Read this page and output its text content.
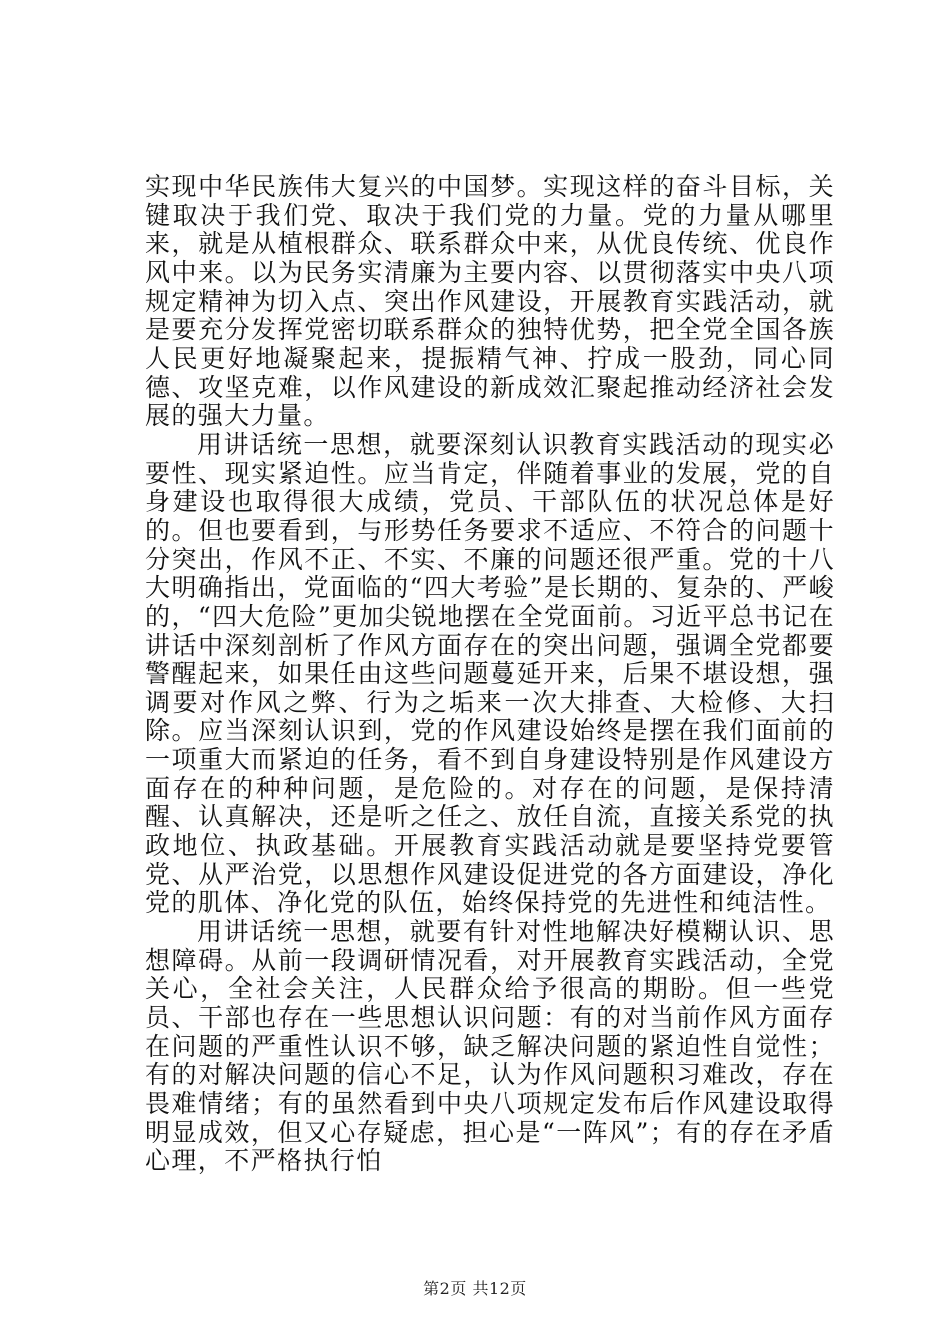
实现中华民族伟大复兴的中国梦。实现这样的奋斗目标，关键取决于我们党、取决于我们党的力量。党的力量从哪里来，就是从植根群众、联系群众中来，从优良传统、优良作风中来。以为民务实清廉为主要内容、以贯彻落实中央八项规定精神为切入点、突出作风建设，开展教育实践活动，就是要充分发挥党密切联系群众的独特优势，把全党全国各族人民更好地凝聚起来，提振精气神、拧成一股劲，同心同德、攻坚克难，以作风建设的新成效汇聚起推动经济社会发展的强大力量。

用讲话统一思想，就要深刻认识教育实践活动的现实必要性、现实紧迫性。应当肯定，伴随着事业的发展，党的自身建设也取得很大成绩，党员、干部队伍的状况总体是好的。但也要看到，与形势任务要求不适应、不符合的问题十分突出，作风不正、不实、不廉的问题还很严重。党的十八大明确指出，党面临的“四大考验”是长期的、复杂的、严峻的，“四大危险”更加尖锐地摆在全党面前。习近平总书记在讲话中深刻剖析了作风方面存在的突出问题，强调全党都要警醒起来，如果任由这些问题蔓延开来，后果不堪设想，强调要对作风之弊、行为之垢来一次大排查、大检修、大扫除。应当深刻认识到，党的作风建设始终是摆在我们面前的一项重大而紧迫的任务，看不到自身建设特别是作风建设方面存在的种种问题，是危险的。对存在的问题，是保持清醒、认真解决，还是听之任之、放任自流，直接关系党的执政地位、执政基础。开展教育实践活动就是要坚持党要管党、从严治党，以思想作风建设促进党的各方面建设，净化党的肌体、净化党的队伍，始终保持党的先进性和纯洁性。

用讲话统一思想，就要有针对性地解决好模糊认识、思想障碍。从前一段调研情况看，对开展教育实践活动，全党关心，全社会关注，人民群众给予很高的期盼。但一些党员、干部也存在一些思想认识问题：有的对当前作风方面存在问题的严重性认识不够，缺乏解决问题的紧迫性自觉性；有的对解决问题的信心不足，认为作风问题积习难改，存在畏难情绪；有的虽然看到中央八项规定发布后作风建设取得明显成效，但又心存疑虑，担心是“一阵风”；有的存在矛盾心理，不严格执行怕

第2页 共12页
